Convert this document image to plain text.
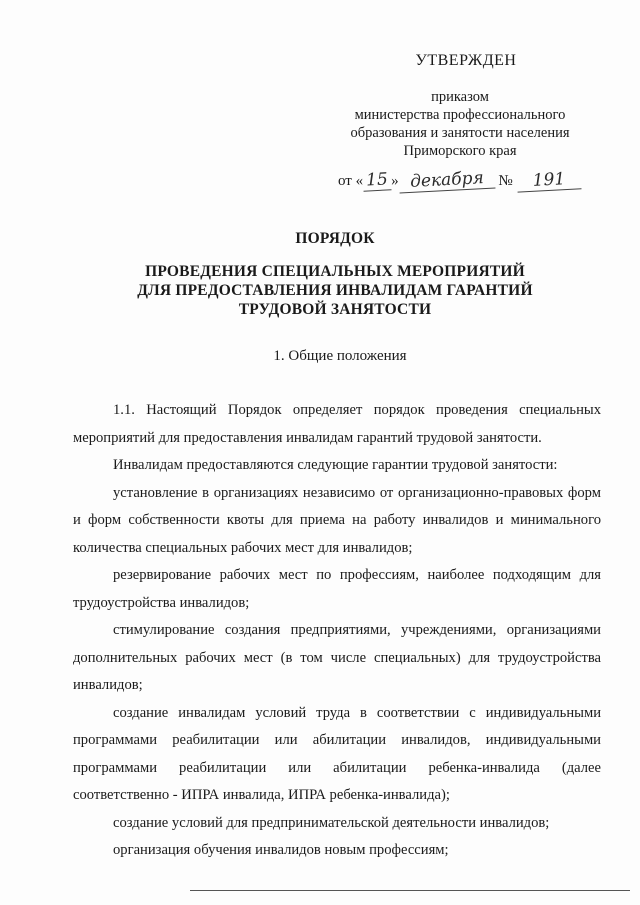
УТВЕРЖДЕН
приказом
министерства профессионального
образования и занятости населения
Приморского края
от « 15 » декабря № 191
ПОРЯДОК
ПРОВЕДЕНИЯ СПЕЦИАЛЬНЫХ МЕРОПРИЯТИЙ
ДЛЯ ПРЕДОСТАВЛЕНИЯ ИНВАЛИДАМ ГАРАНТИЙ
ТРУДОВОЙ ЗАНЯТОСТИ
1. Общие положения

1.1. Настоящий Порядок определяет порядок проведения специальных мероприятий для предоставления инвалидам гарантий трудовой занятости.

Инвалидам предоставляются следующие гарантии трудовой занятости:

установление в организациях независимо от организационно-правовых форм и форм собственности квоты для приема на работу инвалидов и минимального количества специальных рабочих мест для инвалидов;

резервирование рабочих мест по профессиям, наиболее подходящим для трудоустройства инвалидов;

стимулирование создания предприятиями, учреждениями, организациями дополнительных рабочих мест (в том числе специальных) для трудоустройства инвалидов;

создание инвалидам условий труда в соответствии с индивидуальными программами реабилитации или абилитации инвалидов, индивидуальными программами реабилитации или абилитации ребенка-инвалида (далее соответственно - ИПРА инвалида, ИПРА ребенка-инвалида);

создание условий для предпринимательской деятельности инвалидов;

организация обучения инвалидов новым профессиям;
